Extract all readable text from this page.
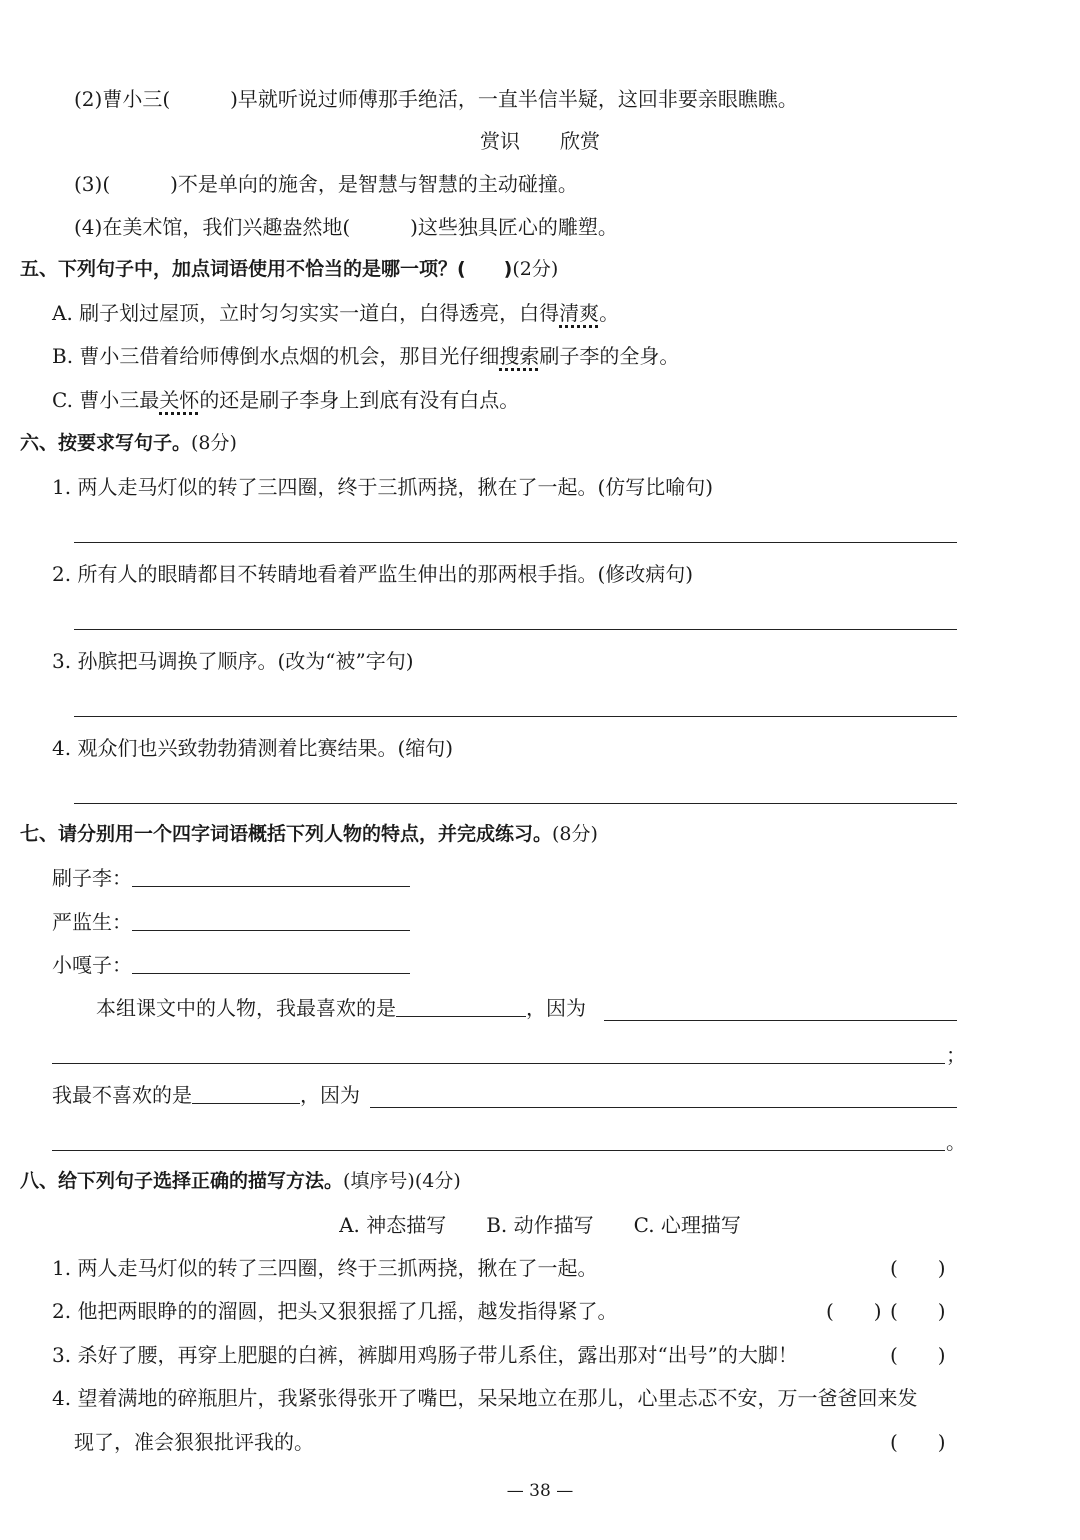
(2)曹小三(　　　)早就听说过师傅那手绝活，一直半信半疑，这回非要亲眼瞧瞧。
赏识　　欣赏
(3)(　　　)不是单向的施舍，是智慧与智慧的主动碰撞。
(4)在美术馆，我们兴趣盎然地(　　　)这些独具匠心的雕塑。
五、下列句子中，加点词语使用不恰当的是哪一项？(　　)(2分)
A. 刷子划过屋顶，立时匀匀实实一道白，白得透亮，白得清爽。
B. 曹小三借着给师傅倒水点烟的机会，那目光仔细搜索刷子李的全身。
C. 曹小三最关怀的还是刷子李身上到底有没有白点。
六、按要求写句子。(8分)
1. 两人走马灯似的转了三四圈，终于三抓两挠，揪在了一起。(仿写比喻句)
2. 所有人的眼睛都目不转睛地看着严监生伸出的那两根手指。(修改病句)
3. 孙膑把马调换了顺序。(改为“被”字句)
4. 观众们也兴致勃勃猜测着比赛结果。(缩句)
七、请分别用一个四字词语概括下列人物的特点，并完成练习。(8分)
刷子李：
严监生：
小嘎子：
本组课文中的人物，我最喜欢的是	，因为
；
我最不喜欢的是	，因为
。
八、给下列句子选择正确的描写方法。(填序号)(4分)
A. 神态描写　　B. 动作描写　　C. 心理描写
1. 两人走马灯似的转了三四圈，终于三抓两挠，揪在了一起。	(　　)
2. 他把两眼睁的的溜圆，把头又狠狠摇了几摇，越发指得紧了。	(　　) (　　)
3. 杀好了腰，再穿上肥腿的白裤，裤脚用鸡肠子带儿系住，露出那对“出号”的大脚！	(　　)
4. 望着满地的碎瓶胆片，我紧张得张开了嘴巴，呆呆地立在那儿，心里忐忑不安，万一爸爸回来发
现了，准会狠狠批评我的。	(　　)
— 38 —
